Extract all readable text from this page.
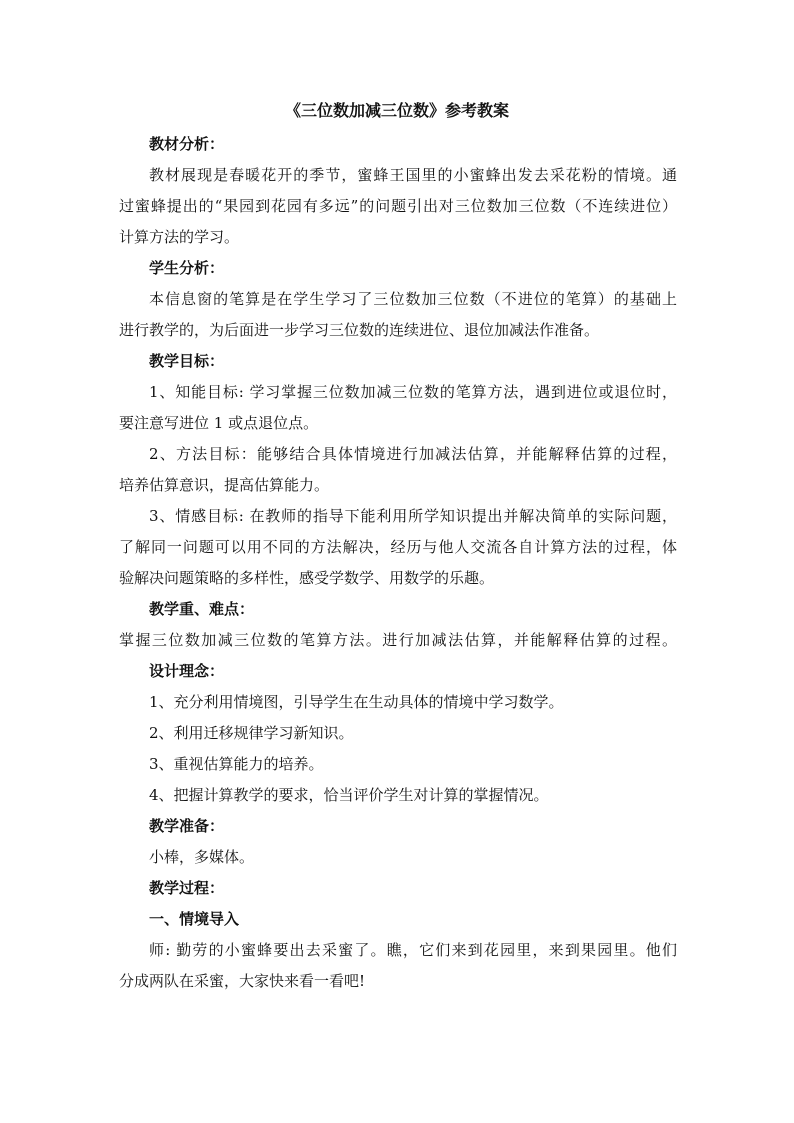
《三位数加减三位数》参考教案
教材分析：
教材展现是春暖花开的季节，蜜蜂王国里的小蜜蜂出发去采花粉的情境。通
过蜜蜂提出的“果园到花园有多远”的问题引出对三位数加三位数（不连续进位）
计算方法的学习。
学生分析：
本信息窗的笔算是在学生学习了三位数加三位数（不进位的笔算）的基础上
进行教学的，为后面进一步学习三位数的连续进位、退位加减法作准备。
教学目标：
1、知能目标: 学习掌握三位数加减三位数的笔算方法，遇到进位或退位时，
要注意写进位 1 或点退位点。
2、方法目标：能够结合具体情境进行加减法估算，并能解释估算的过程，
培养估算意识，提高估算能力。
3、情感目标: 在教师的指导下能利用所学知识提出并解决简单的实际问题，
了解同一问题可以用不同的方法解决，经历与他人交流各自计算方法的过程，体
验解决问题策略的多样性，感受学数学、用数学的乐趣。
教学重、难点：
掌握三位数加减三位数的笔算方法。进行加减法估算，并能解释估算的过程。
设计理念：
1、充分利用情境图，引导学生在生动具体的情境中学习数学。
2、利用迁移规律学习新知识。
3、重视估算能力的培养。
4、把握计算教学的要求，恰当评价学生对计算的掌握情况。
教学准备：
小棒，多媒体。
教学过程：
一、情境导入
师: 勤劳的小蜜蜂要出去采蜜了。瞧，它们来到花园里，来到果园里。他们
分成两队在采蜜，大家快来看一看吧!
